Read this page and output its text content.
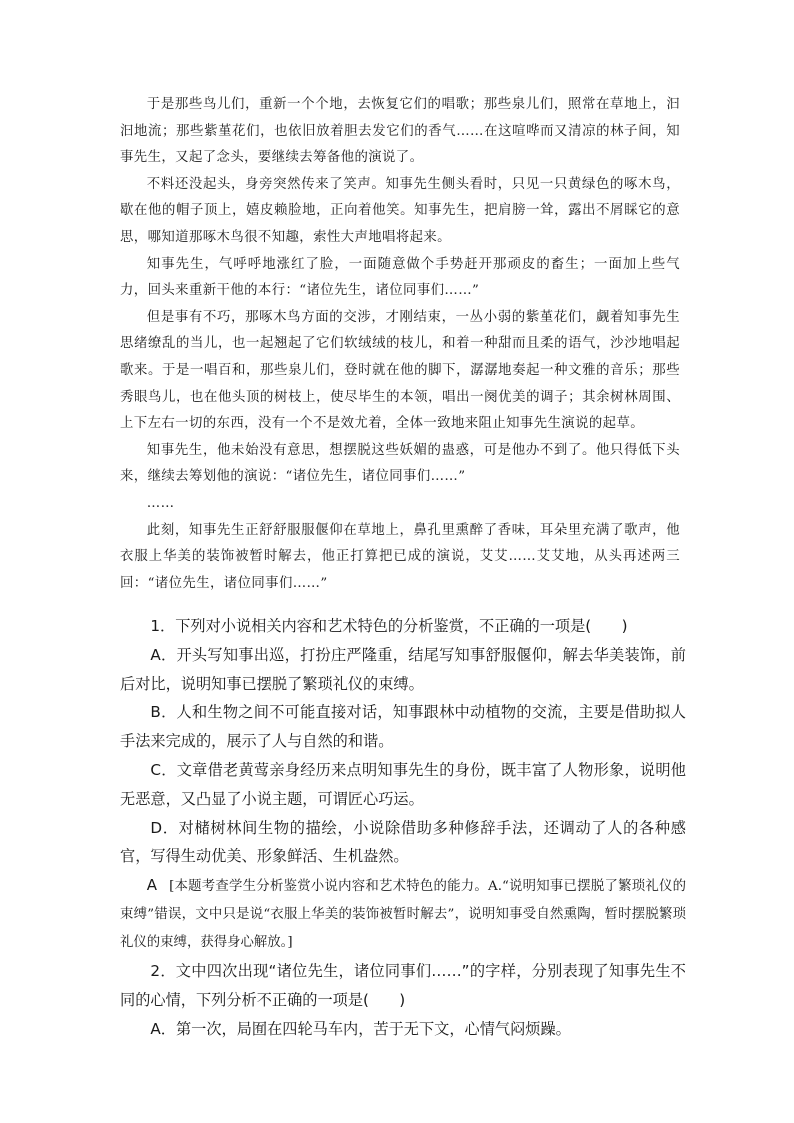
于是那些鸟儿们，重新一个个地，去恢复它们的唱歌；那些泉儿们，照常在草地上，汩汩地流；那些紫堇花们，也依旧放着胆去发它们的香气……在这喧哗而又清凉的林子间，知事先生，又起了念头，要继续去筹备他的演说了。

不料还没起头，身旁突然传来了笑声。知事先生侧头看时，只见一只黄绿色的啄木鸟，歇在他的帽子顶上，嬉皮赖脸地，正向着他笑。知事先生，把肩膀一耸，露出不屑睬它的意思，哪知道那啄木鸟很不知趣，索性大声地唱将起来。

知事先生，气呼呼地涨红了脸，一面随意做个手势赶开那顽皮的畜生；一面加上些气力，回头来重新干他的本行：“诸位先生，诸位同事们……”

但是事有不巧，那啄木鸟方面的交涉，才刚结束，一丛小弱的紫堇花们，觑着知事先生思绪缭乱的当儿，也一起翘起了它们软绒绒的枝儿，和着一种甜而且柔的语气，沙沙地唱起歌来。于是一唱百和，那些泉儿们，登时就在他的脚下，潺潺地奏起一种文雅的音乐；那些秀眼鸟儿，也在他头顶的树枝上，使尽毕生的本领，唱出一阕优美的调子；其余树林周围、上下左右一切的东西，没有一个不是效尤着，全体一致地来阻止知事先生演说的起草。

知事先生，他未始没有意思，想摆脱这些妖媚的蛊惑，可是他办不到了。他只得低下头来，继续去筹划他的演说：“诸位先生，诸位同事们……”

……

此刻，知事先生正舒舒服服偃仰在草地上，鼻孔里熏醉了香味，耳朵里充满了歌声，他衣服上华美的装饰被暂时解去，他正打算把已成的演说，艾艾……艾艾地，从头再述两三回：“诸位先生，诸位同事们……”

1．下列对小说相关内容和艺术特色的分析鉴赏，不正确的一项是(　　)

A．开头写知事出巡，打扮庄严隆重，结尾写知事舒服偃仰，解去华美装饰，前后对比，说明知事已摆脱了繁琐礼仪的束缚。

B．人和生物之间不可能直接对话，知事跟林中动植物的交流，主要是借助拟人手法来完成的，展示了人与自然的和谐。

C．文章借老黄莺亲身经历来点明知事先生的身份，既丰富了人物形象，说明他无恶意，又凸显了小说主题，可谓匠心巧运。

D．对槠树林间生物的描绘，小说除借助多种修辞手法，还调动了人的各种感官，写得生动优美、形象鲜活、生机盎然。

A [本题考查学生分析鉴赏小说内容和艺术特色的能力。A.“说明知事已摆脱了繁琐礼仪的束缚”错误，文中只是说“衣服上华美的装饰被暂时解去”，说明知事受自然熏陶，暂时摆脱繁琐礼仪的束缚，获得身心解放。]

2．文中四次出现“诸位先生，诸位同事们……”的字样，分别表现了知事先生不同的心情，下列分析不正确的一项是(　　)

A．第一次，局囿在四轮马车内，苦于无下文，心情气闷烦躁。
